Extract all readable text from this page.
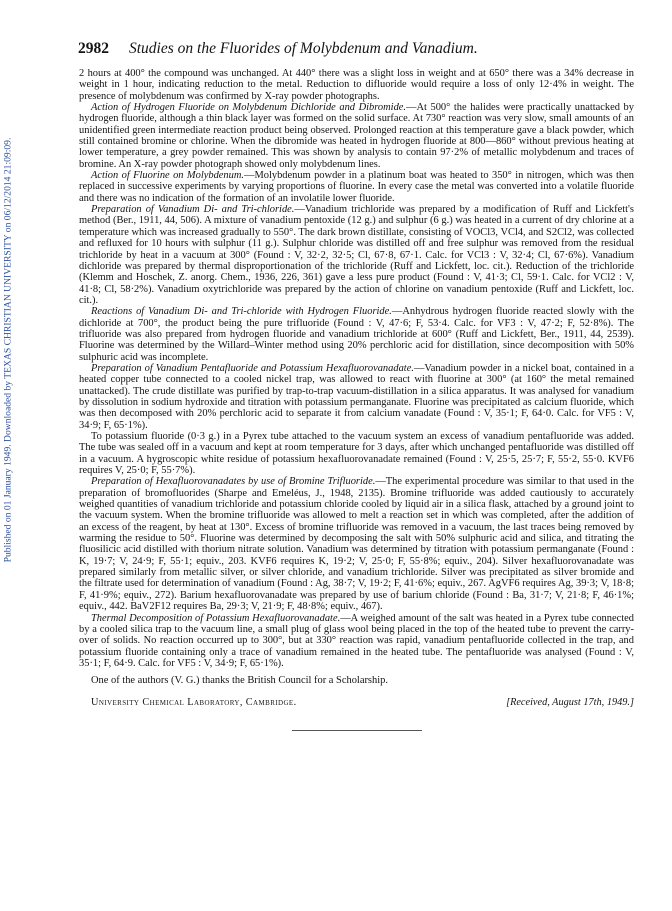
Published on 01 January 1949. Downloaded by TEXAS CHRISTIAN UNIVERSITY on 06/12/2014 21:09:09.
2982 Studies on the Fluorides of Molybdenum and Vanadium.

2 hours at 400° the compound was unchanged. At 440° there was a slight loss in weight and at 650° there was a 34% decrease in weight in 1 hour, indicating reduction to the metal. Reduction to difluoride would require a loss of only 12·4% in weight. The presence of molybdenum was confirmed by X-ray powder photographs.

Action of Hydrogen Fluoride on Molybdenum Dichloride and Dibromide.—At 500° the halides were practically unattacked by hydrogen fluoride, although a thin black layer was formed on the solid surface. At 730° reaction was very slow, small amounts of an unidentified green intermediate reaction product being observed. Prolonged reaction at this temperature gave a black powder, which still contained bromine or chlorine. When the dibromide was heated in hydrogen fluoride at 800—860° without previous heating at lower temperature, a grey powder remained. This was shown by analysis to contain 97·2% of metallic molybdenum and traces of bromine. An X-ray powder photograph showed only molybdenum lines.

Action of Fluorine on Molybdenum.—Molybdenum powder in a platinum boat was heated to 350° in nitrogen, which was then replaced in successive experiments by varying proportions of fluorine. In every case the metal was converted into a volatile fluoride and there was no indication of the formation of an involatile lower fluoride.

Preparation of Vanadium Di- and Tri-chloride.—Vanadium trichloride was prepared by a modification of Ruff and Lickfett's method (Ber., 1911, 44, 506). A mixture of vanadium pentoxide (12 g.) and sulphur (6 g.) was heated in a current of dry chlorine at a temperature which was increased gradually to 550°. The dark brown distillate, consisting of VOCl3, VCl4, and S2Cl2, was collected and refluxed for 10 hours with sulphur (11 g.). Sulphur chloride was distilled off and free sulphur was removed from the residual trichloride by heat in a vacuum at 300° (Found : V, 32·2, 32·5; Cl, 67·8, 67·1. Calc. for VCl3 : V, 32·4; Cl, 67·6%). Vanadium dichloride was prepared by thermal disproportionation of the trichloride (Ruff and Lickfett, loc. cit.). Reduction of the trichloride (Klemm and Hoschek, Z. anorg. Chem., 1936, 226, 361) gave a less pure product (Found : V, 41·3; Cl, 59·1. Calc. for VCl2 : V, 41·8; Cl, 58·2%). Vanadium oxytrichloride was prepared by the action of chlorine on vanadium pentoxide (Ruff and Lickfett, loc. cit.).

Reactions of Vanadium Di- and Tri-chloride with Hydrogen Fluoride.—Anhydrous hydrogen fluoride reacted slowly with the dichloride at 700°, the product being the pure trifluoride (Found : V, 47·6; F, 53·4. Calc. for VF3 : V, 47·2; F, 52·8%). The trifluoride was also prepared from hydrogen fluoride and vanadium trichloride at 600° (Ruff and Lickfett, Ber., 1911, 44, 2539). Fluorine was determined by the Willard–Winter method using 20% perchloric acid for distillation, since decomposition with 50% sulphuric acid was incomplete.

Preparation of Vanadium Pentafluoride and Potassium Hexafluorovanadate.—Vanadium powder in a nickel boat, contained in a heated copper tube connected to a cooled nickel trap, was allowed to react with fluorine at 300° (at 160° the metal remained unattacked). The crude distillate was purified by trap-to-trap vacuum-distillation in a silica apparatus. It was analysed for vanadium by dissolution in sodium hydroxide and titration with potassium permanganate. Fluorine was precipitated as calcium fluoride, which was then decomposed with 20% perchloric acid to separate it from calcium vanadate (Found : V, 35·1; F, 64·0. Calc. for VF5 : V, 34·9; F, 65·1%).

To potassium fluoride (0·3 g.) in a Pyrex tube attached to the vacuum system an excess of vanadium pentafluoride was added. The tube was sealed off in a vacuum and kept at room temperature for 3 days, after which unchanged pentafluoride was distilled off in a vacuum. A hygroscopic white residue of potassium hexafluorovanadate remained (Found : V, 25·5, 25·7; F, 55·2, 55·0. KVF6 requires V, 25·0; F, 55·7%).

Preparation of Hexafluorovanadates by use of Bromine Trifluoride.—The experimental procedure was similar to that used in the preparation of bromofluorides (Sharpe and Emeléus, J., 1948, 2135). Bromine trifluoride was added cautiously to accurately weighed quantities of vanadium trichloride and potassium chloride cooled by liquid air in a silica flask, attached by a ground joint to the vacuum system. When the bromine trifluoride was allowed to melt a reaction set in which was completed, after the addition of an excess of the reagent, by heat at 130°. Excess of bromine trifluoride was removed in a vacuum, the last traces being removed by warming the residue to 50°. Fluorine was determined by decomposing the salt with 50% sulphuric acid and silica, and titrating the fluosilicic acid distilled with thorium nitrate solution. Vanadium was determined by titration with potassium permanganate (Found : K, 19·7; V, 24·9; F, 55·1; equiv., 203. KVF6 requires K, 19·2; V, 25·0; F, 55·8%; equiv., 204). Silver hexafluorovanadate was prepared similarly from metallic silver, or silver chloride, and vanadium trichloride. Silver was precipitated as silver bromide and the filtrate used for determination of vanadium (Found : Ag, 38·7; V, 19·2; F, 41·6%; equiv., 267. AgVF6 requires Ag, 39·3; V, 18·8; F, 41·9%; equiv., 272). Barium hexafluorovanadate was prepared by use of barium chloride (Found : Ba, 31·7; V, 21·8; F, 46·1%; equiv., 442. BaV2F12 requires Ba, 29·3; V, 21·9; F, 48·8%; equiv., 467).

Thermal Decomposition of Potassium Hexafluorovanadate.—A weighed amount of the salt was heated in a Pyrex tube connected by a cooled silica trap to the vacuum line, a small plug of glass wool being placed in the top of the heated tube to prevent the carry-over of solids. No reaction occurred up to 300°, but at 330° reaction was rapid, vanadium pentafluoride collected in the trap, and potassium fluoride containing only a trace of vanadium remained in the heated tube. The pentafluoride was analysed (Found : V, 35·1; F, 64·9. Calc. for VF5 : V, 34·9; F, 65·1%).

One of the authors (V. G.) thanks the British Council for a Scholarship.

University Chemical Laboratory, Cambridge.	[Received, August 17th, 1949.]
